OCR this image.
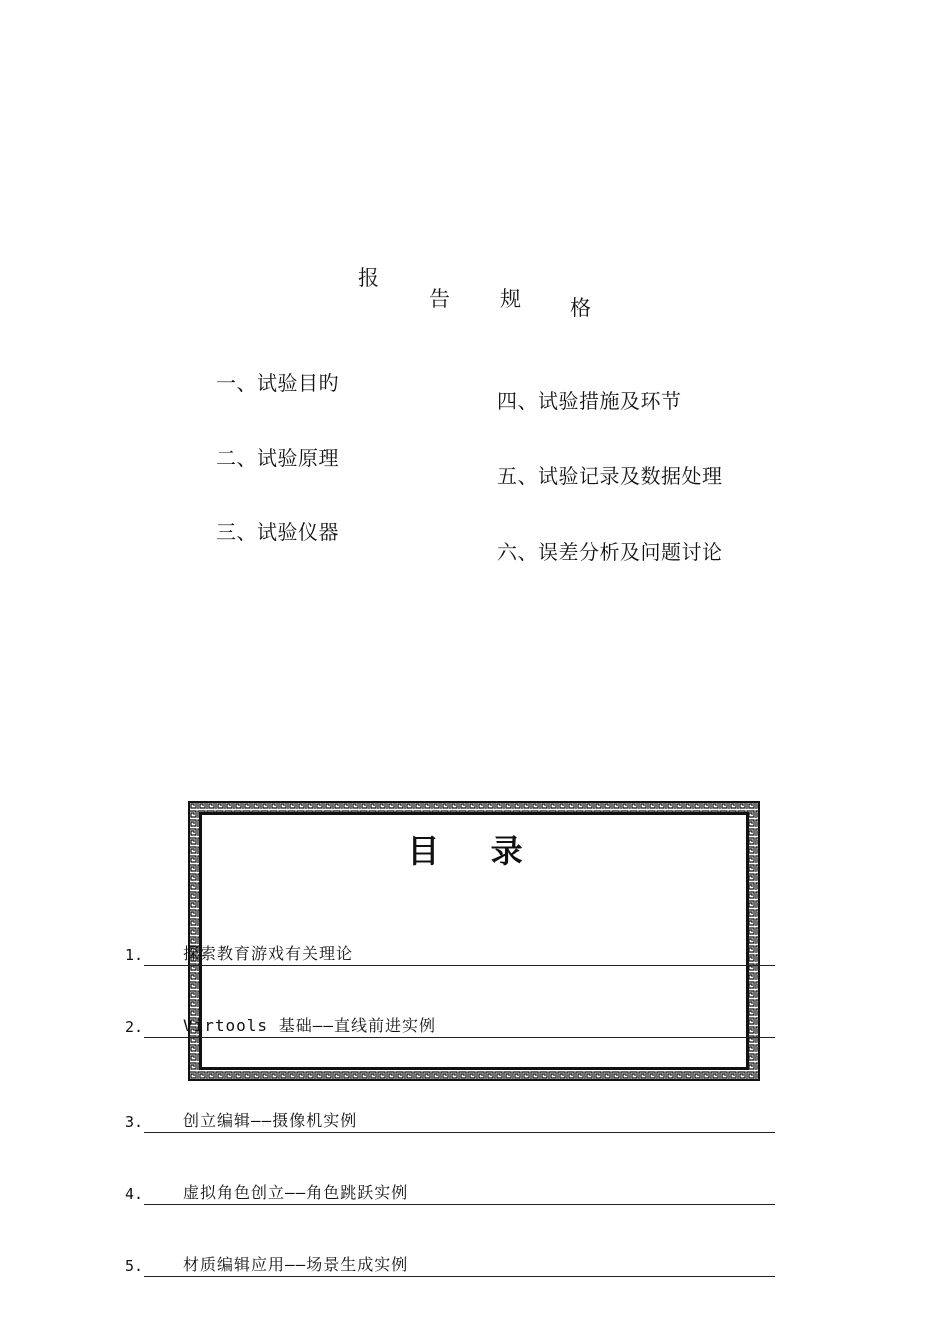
报
告 规 格
一、试验目旳
二、试验原理
三、试验仪器
四、试验措施及环节
五、试验记录及数据处理
六、误差分析及问题讨论
目 录
1. 探索教育游戏有关理论
2. Virtools 基础——直线前进实例
3. 创立编辑——摄像机实例
4. 虚拟角色创立——角色跳跃实例
5. 材质编辑应用——场景生成实例
